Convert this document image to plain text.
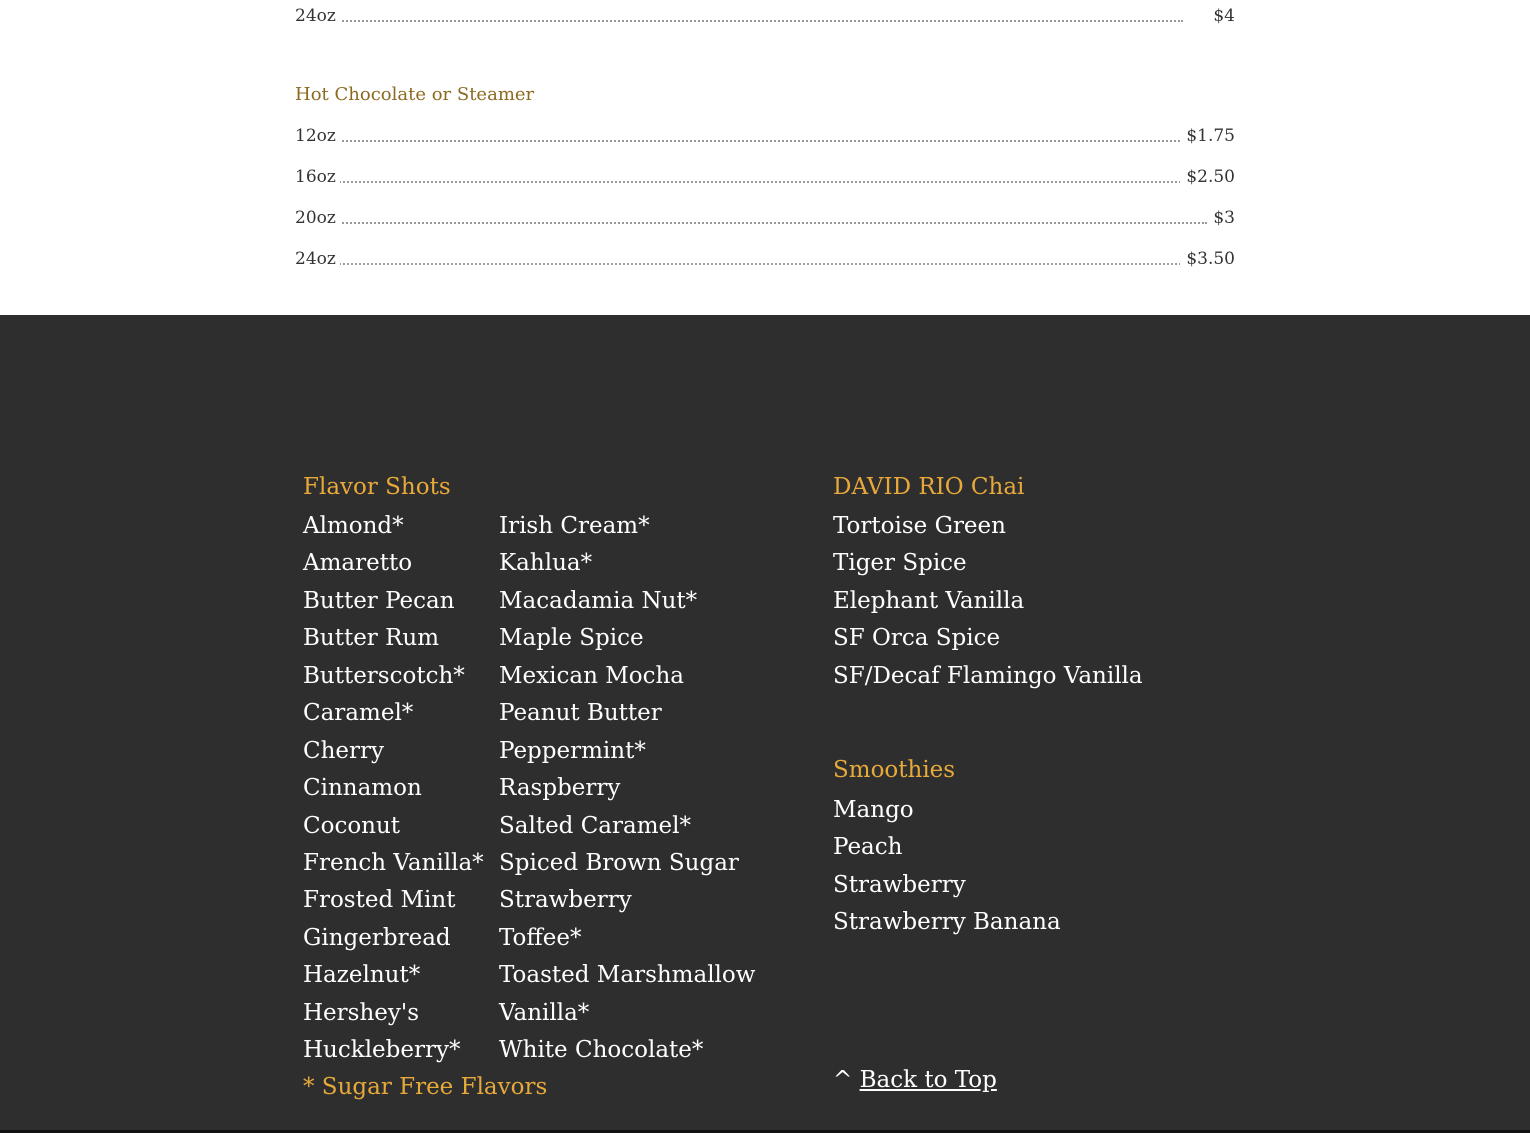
24oz	$4
Hot Chocolate or Steamer
12oz	$1.75
16oz	$2.50
20oz	$3
24oz	$3.50
Flavor Shots
Almond*
Amaretto
Butter Pecan
Butter Rum
Butterscotch*
Caramel*
Cherry
Cinnamon
Coconut
French Vanilla*
Frosted Mint
Gingerbread
Hazelnut*
Hershey's
Huckleberry*
Irish Cream*
Kahlua*
Macadamia Nut*
Maple Spice
Mexican Mocha
Peanut Butter
Peppermint*
Raspberry
Salted Caramel*
Spiced Brown Sugar
Strawberry
Toffee*
Toasted Marshmallow
Vanilla*
White Chocolate*
* Sugar Free Flavors
DAVID RIO Chai
Tortoise Green
Tiger Spice
Elephant Vanilla
SF Orca Spice
SF/Decaf Flamingo Vanilla
Smoothies
Mango
Peach
Strawberry
Strawberry Banana
^ Back to Top
